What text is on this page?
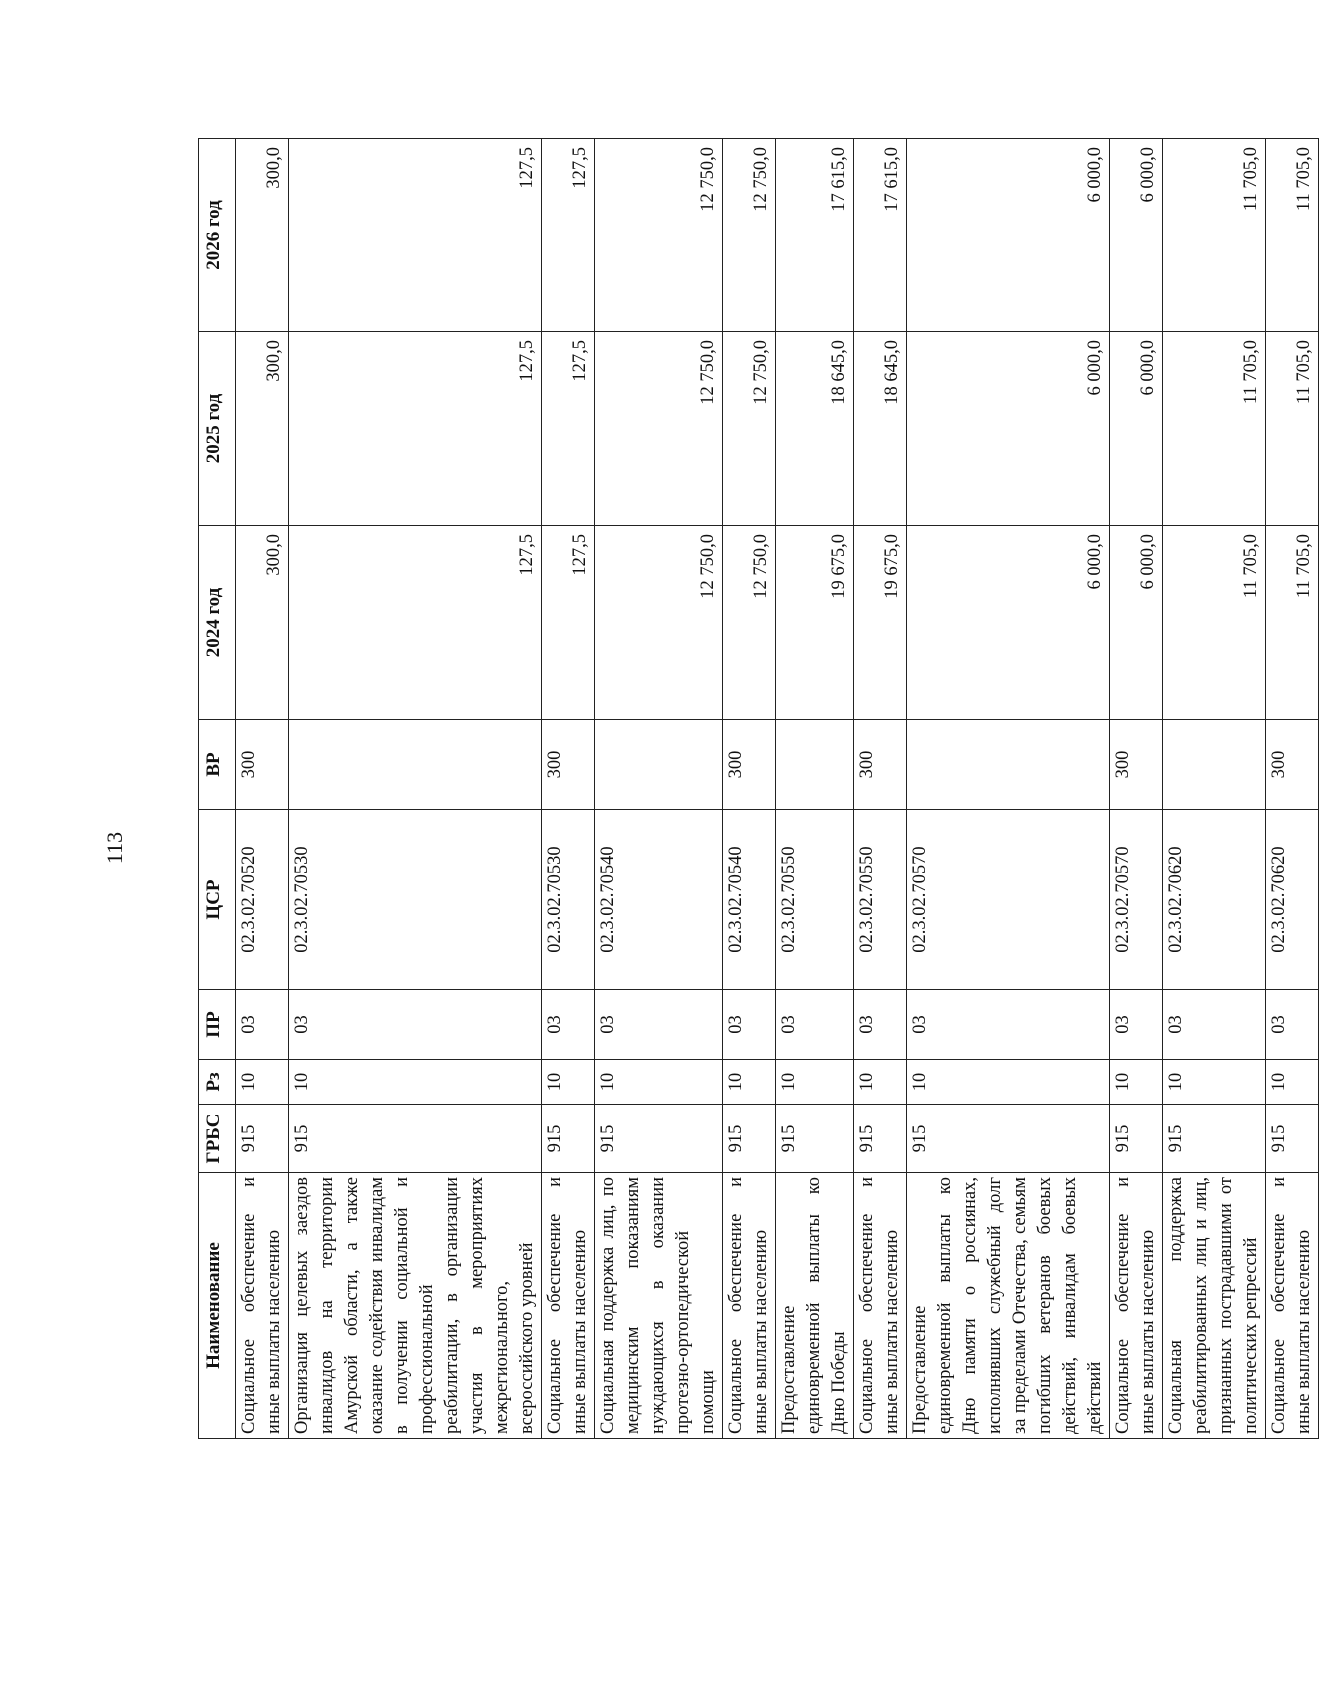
113
Наименование	ГРБС	Рз	ПР	ЦСР	ВР	2024 год	2025 год	2026 год
Социальное обеспечение и иные выплаты населению	915	10	03	02.3.02.70520	300	300,0	300,0	300,0
Организация целевых заездов инвалидов на территории Амурской области, а также оказание содействия инвалидам в получении социальной и профессиональной реабилитации, в организации участия в мероприятиях межрегионального, всероссийского уровней	915	10	03	02.3.02.70530		127,5	127,5	127,5
Социальное обеспечение и иные выплаты населению	915	10	03	02.3.02.70530	300	127,5	127,5	127,5
Социальная поддержка лиц, по медицинским показаниям нуждающихся в оказании протезно-ортопедической помощи	915	10	03	02.3.02.70540		12 750,0	12 750,0	12 750,0
Социальное обеспечение и иные выплаты населению	915	10	03	02.3.02.70540	300	12 750,0	12 750,0	12 750,0
Предоставление единовременной выплаты ко Дню Победы	915	10	03	02.3.02.70550		19 675,0	18 645,0	17 615,0
Социальное обеспечение и иные выплаты населению	915	10	03	02.3.02.70550	300	19 675,0	18 645,0	17 615,0
Предоставление единовременной выплаты ко Дню памяти о россиянах, исполнявших служебный долг за пределами Отечества, семьям погибших ветеранов боевых действий, инвалидам боевых действий	915	10	03	02.3.02.70570		6 000,0	6 000,0	6 000,0
Социальное обеспечение и иные выплаты населению	915	10	03	02.3.02.70570	300	6 000,0	6 000,0	6 000,0
Социальная поддержка реабилитированных лиц и лиц, признанных пострадавшими от политических репрессий	915	10	03	02.3.02.70620		11 705,0	11 705,0	11 705,0
Социальное обеспечение и иные выплаты населению	915	10	03	02.3.02.70620	300	11 705,0	11 705,0	11 705,0
